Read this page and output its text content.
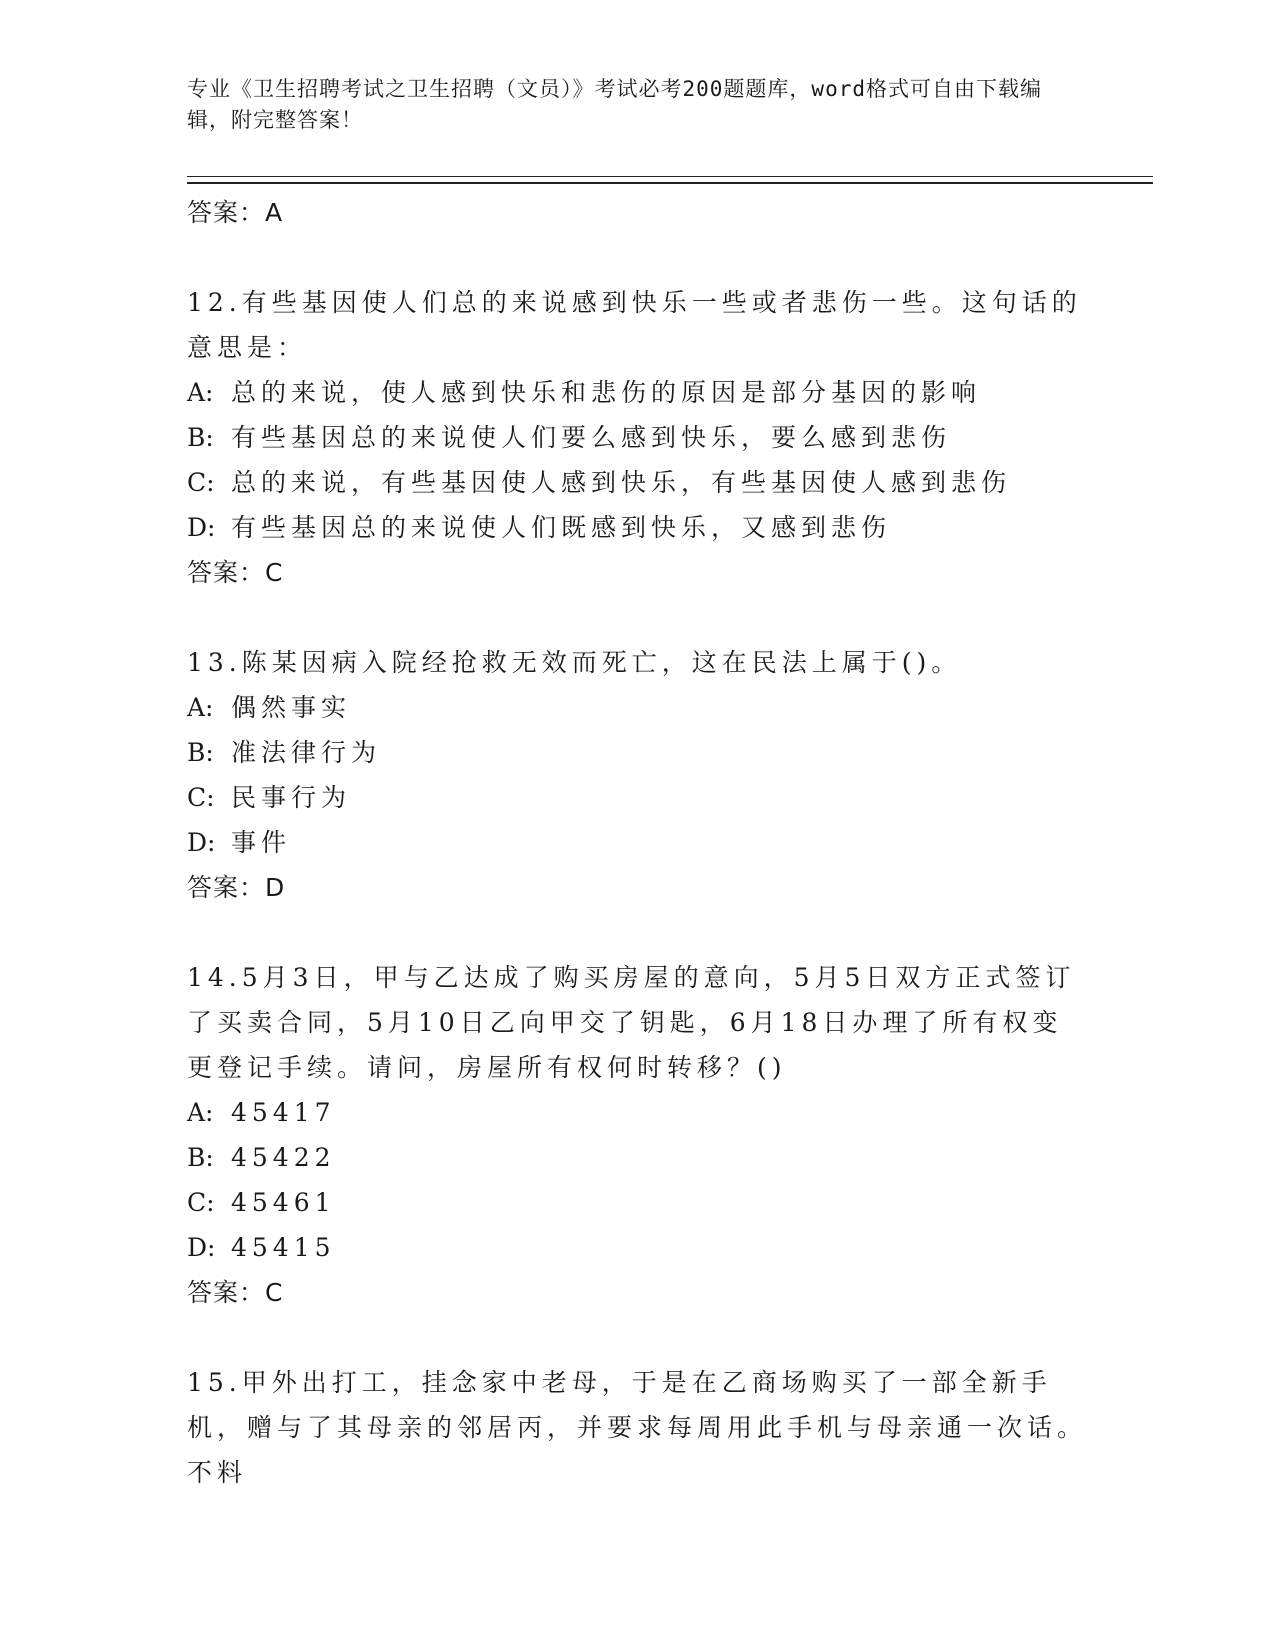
专业《卫生招聘考试之卫生招聘（文员）》考试必考200题题库，word格式可自由下载编辑，附完整答案！
答案：A
12.有些基因使人们总的来说感到快乐一些或者悲伤一些。这句话的意思是：
A: 总的来说，使人感到快乐和悲伤的原因是部分基因的影响
B: 有些基因总的来说使人们要么感到快乐，要么感到悲伤
C: 总的来说，有些基因使人感到快乐，有些基因使人感到悲伤
D: 有些基因总的来说使人们既感到快乐，又感到悲伤
答案：C
13.陈某因病入院经抢救无效而死亡，这在民法上属于()。
A: 偶然事实
B: 准法律行为
C: 民事行为
D: 事件
答案：D
14.5月3日，甲与乙达成了购买房屋的意向，5月5日双方正式签订了买卖合同，5月10日乙向甲交了钥匙，6月18日办理了所有权变更登记手续。请问，房屋所有权何时转移？()
A: 45417
B: 45422
C: 45461
D: 45415
答案：C
15.甲外出打工，挂念家中老母，于是在乙商场购买了一部全新手机，赠与了其母亲的邻居丙，并要求每周用此手机与母亲通一次话。不料
